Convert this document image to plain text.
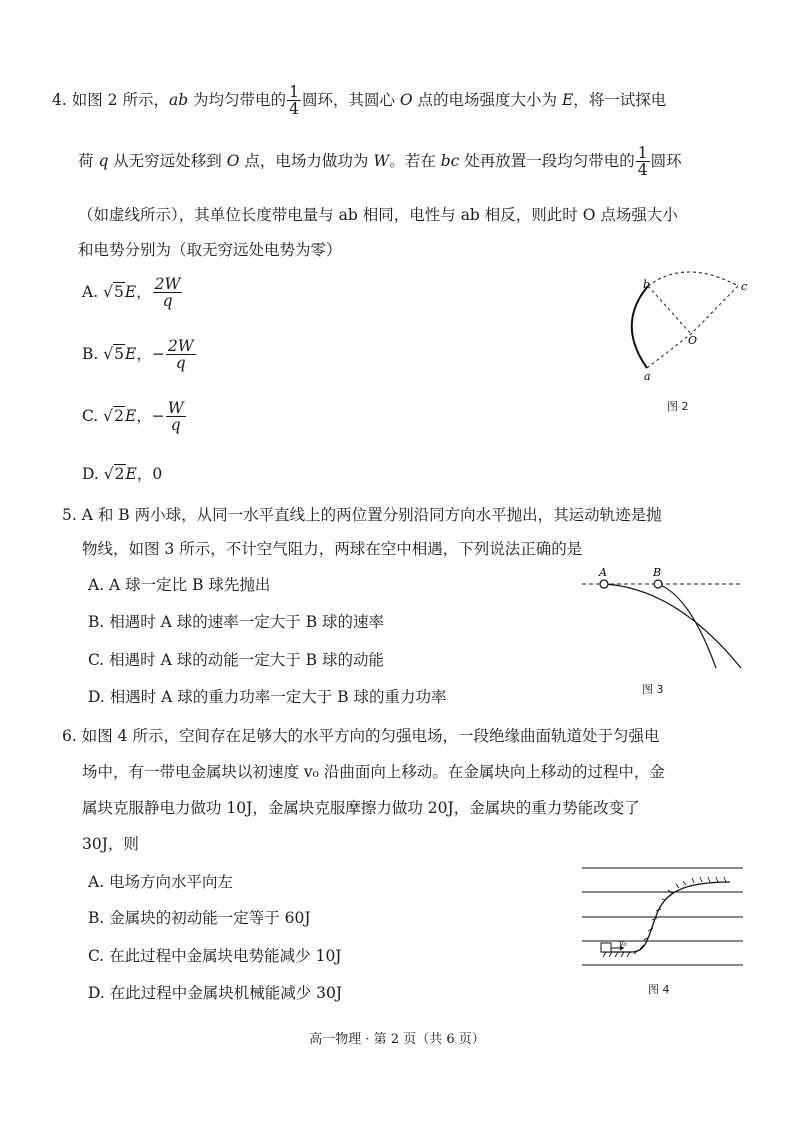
4. 如图 2 所示，ab 为均匀带电的 $\frac{1}{4}$ 圆环，其圆心 O 点的电场强度大小为 E，将一试探电
荷 q 从无穷远处移到 O 点，电场力做功为 W。若在 bc 处再放置一段均匀带电的 $\frac{1}{4}$ 圆环
（如虚线所示），其单位长度带电量与 ab 相同，电性与 ab 相反，则此时 O 点场强大小
和电势分别为（取无穷远处电势为零）
A. √5E， $\frac{2W}{q}$
B. √5E，− $\frac{2W}{q}$
C. √2E，− $\frac{W}{q}$
D. √2E，0
b	c
O
a
图 2
5. A 和 B 两小球，从同一水平直线上的两位置分别沿同方向水平抛出，其运动轨迹是抛
物线，如图 3 所示，不计空气阻力，两球在空中相遇，下列说法正确的是
A. A 球一定比 B 球先抛出
B. 相遇时 A 球的速率一定大于 B 球的速率
C. 相遇时 A 球的动能一定大于 B 球的动能
D. 相遇时 A 球的重力功率一定大于 B 球的重力功率
A	B
图 3
6. 如图 4 所示，空间存在足够大的水平方向的匀强电场，一段绝缘曲面轨道处于匀强电
场中，有一带电金属块以初速度 v₀ 沿曲面向上移动。在金属块向上移动的过程中，金
属块克服静电力做功 10J，金属块克服摩擦力做功 20J，金属块的重力势能改变了
30J，则
A. 电场方向水平向左
B. 金属块的初动能一定等于 60J
C. 在此过程中金属块电势能减少 10J
D. 在此过程中金属块机械能减少 30J
v₀
图 4
高一物理 · 第 2 页（共 6 页）
